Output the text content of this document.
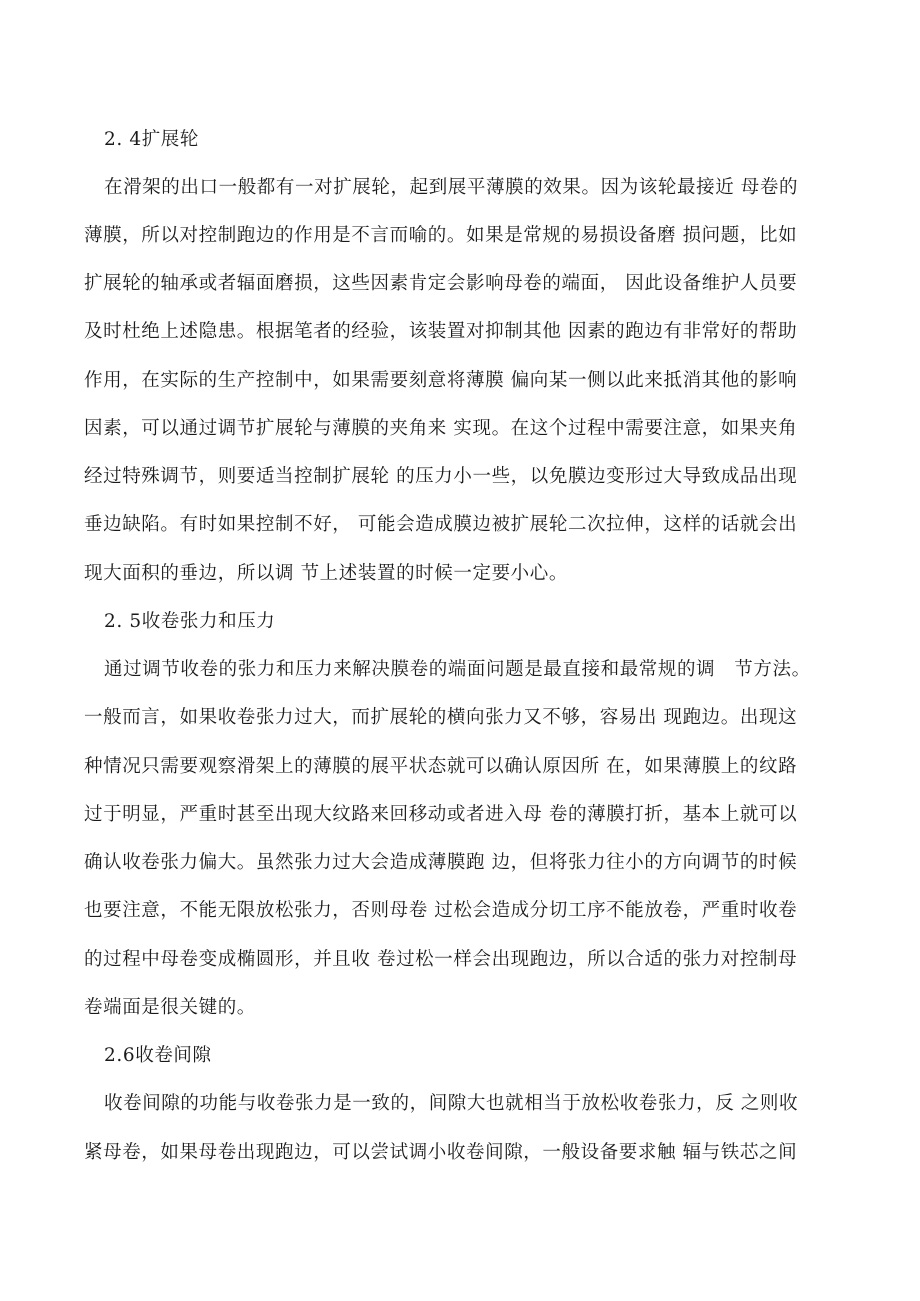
2. 4扩展轮
在滑架的出口一般都有一对扩展轮，起到展平薄膜的效果。因为该轮最接近 母卷的
薄膜，所以对控制跑边的作用是不言而喻的。如果是常规的易损设备磨 损问题，比如
扩展轮的轴承或者辐面磨损，这些因素肯定会影响母卷的端面， 因此设备维护人员要
及时杜绝上述隐患。根据笔者的经验，该装置对抑制其他 因素的跑边有非常好的帮助
作用，在实际的生产控制中，如果需要刻意将薄膜 偏向某一侧以此来抵消其他的影响
因素，可以通过调节扩展轮与薄膜的夹角来 实现。在这个过程中需要注意，如果夹角
经过特殊调节，则要适当控制扩展轮 的压力小一些，以免膜边变形过大导致成品出现
垂边缺陷。有时如果控制不好， 可能会造成膜边被扩展轮二次拉伸，这样的话就会出
现大面积的垂边，所以调 节上述装置的时候一定要小心。
2. 5收卷张力和压力
通过调节收卷的张力和压力来解决膜卷的端面问题是最直接和最常规的调　节方法。
一般而言，如果收卷张力过大，而扩展轮的横向张力又不够，容易出 现跑边。出现这
种情况只需要观察滑架上的薄膜的展平状态就可以确认原因所 在，如果薄膜上的纹路
过于明显，严重时甚至出现大纹路来回移动或者进入母 卷的薄膜打折，基本上就可以
确认收卷张力偏大。虽然张力过大会造成薄膜跑 边，但将张力往小的方向调节的时候
也要注意，不能无限放松张力，否则母卷 过松会造成分切工序不能放卷，严重时收卷
的过程中母卷变成椭圆形，并且收 卷过松一样会出现跑边，所以合适的张力对控制母
卷端面是很关键的。
2.6收卷间隙
收卷间隙的功能与收卷张力是一致的，间隙大也就相当于放松收卷张力，反 之则收
紧母卷，如果母卷出现跑边，可以尝试调小收卷间隙，一般设备要求触 辐与铁芯之间
